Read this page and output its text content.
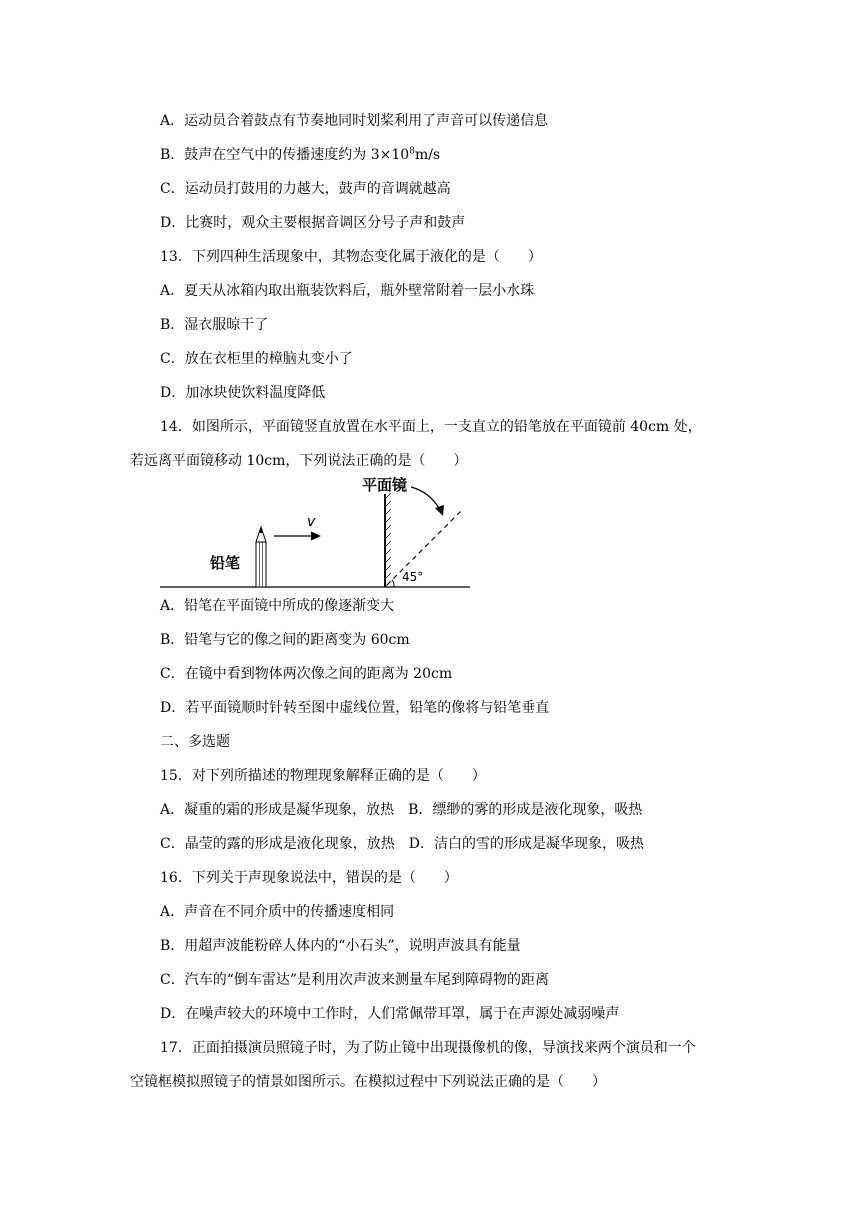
A．运动员合着鼓点有节奏地同时划桨利用了声音可以传递信息
B．鼓声在空气中的传播速度约为 $3\times 10^8m/s$
C．运动员打鼓用的力越大，鼓声的音调就越高
D．比赛时，观众主要根据音调区分号子声和鼓声
13．下列四种生活现象中，其物态变化属于液化的是（　　）
A．夏天从冰箱内取出瓶装饮料后，瓶外壁常附着一层小水珠
B．湿衣服晾干了
C．放在衣柜里的樟脑丸变小了
D．加冰块使饮料温度降低
14．如图所示，平面镜竖直放置在水平面上，一支直立的铅笔放在平面镜前 40cm 处，
若远离平面镜移动 10cm，下列说法正确的是（　　）
铅笔
v
平面镜
45°
A．铅笔在平面镜中所成的像逐渐变大
B．铅笔与它的像之间的距离变为 60cm
C．在镜中看到物体两次像之间的距离为 20cm
D．若平面镜顺时针转至图中虚线位置，铅笔的像将与铅笔垂直
二、多选题
15．对下列所描述的物理现象解释正确的是（　　）
A．凝重的霜的形成是凝华现象，放热 B．缥缈的雾的形成是液化现象，吸热
C．晶莹的露的形成是液化现象，放热 D．洁白的雪的形成是凝华现象，吸热
16．下列关于声现象说法中，错误的是（　　）
A．声音在不同介质中的传播速度相同
B．用超声波能粉碎人体内的“小石头”，说明声波具有能量
C．汽车的“倒车雷达”是利用次声波来测量车尾到障碍物的距离
D．在噪声较大的环境中工作时，人们常佩带耳罩，属于在声源处减弱噪声
17．正面拍摄演员照镜子时，为了防止镜中出现摄像机的像，导演找来两个演员和一个
空镜框模拟照镜子的情景如图所示。在模拟过程中下列说法正确的是（　　）
